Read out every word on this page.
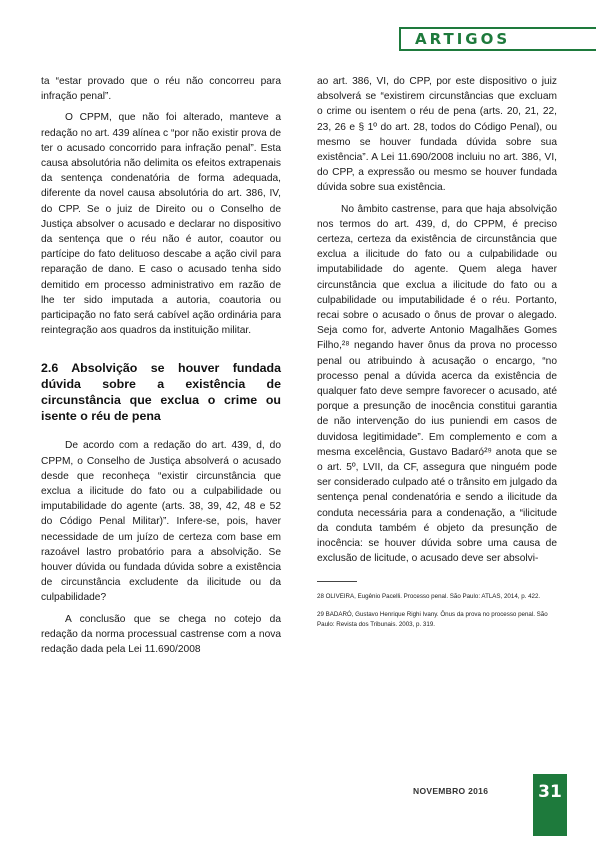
ARTIGOS

ta “estar provado que o réu não concorreu para infração penal”.

O CPPM, que não foi alterado, manteve a redação no art. 439 alínea c “por não existir prova de ter o acusado concorrido para infração penal”. Esta causa absolutória não delimita os efeitos extrapenais da sentença condenatória de forma adequada, diferente da novel causa absolutória do art. 386, IV, do CPP. Se o juiz de Direito ou o Conselho de Justiça absolver o acusado e declarar no dispositivo da sentença que o réu não é autor, coautor ou partícipe do fato delituoso descabe a ação civil para reparação de dano. E caso o acusado tenha sido demitido em processo administrativo em razão de lhe ter sido imputada a autoria, coautoria ou participação no fato será cabível ação ordinária para reintegração aos quadros da instituição militar.

2.6 Absolvição se houver fundada dúvida sobre a existência de circunstância que exclua o crime ou isente o réu de pena

De acordo com a redação do art. 439, d, do CPPM, o Conselho de Justiça absolverá o acusado desde que reconheça “existir circunstância que exclua a ilicitude do fato ou a culpabilidade ou imputabilidade do agente (arts. 38, 39, 42, 48 e 52 do Código Penal Militar)”. Infere-se, pois, haver necessidade de um juízo de certeza com base em razoável lastro probatório para a absolvição. Se houver dúvida ou fundada dúvida sobre a existência de circunstância excludente da ilicitude ou da culpabilidade?

A conclusão que se chega no cotejo da redação da norma processual castrense com a nova redação dada pela Lei 11.690/2008

ao art. 386, VI, do CPP, por este dispositivo o juiz absolverá se “existirem circunstâncias que excluam o crime ou isentem o réu de pena (arts. 20, 21, 22, 23, 26 e § 1º do art. 28, todos do Código Penal), ou mesmo se houver fundada dúvida sobre sua existência”. A Lei 11.690/2008 incluiu no art. 386, VI, do CPP, a expressão ou mesmo se houver fundada dúvida sobre sua existência.

No âmbito castrense, para que haja absolvição nos termos do art. 439, d, do CPPM, é preciso certeza, certeza da existência de circunstância que exclua a ilicitude do fato ou a culpabilidade ou imputabilidade do agente. Quem alega haver circunstância que exclua a ilicitude do fato ou a culpabilidade ou imputabilidade é o réu. Portanto, recai sobre o acusado o ônus de provar o alegado. Seja como for, adverte Antonio Magalhães Gomes Filho,²⁸ negando haver ônus da prova no processo penal ou atribuindo à acusação o encargo, “no processo penal a dúvida acerca da existência de qualquer fato deve sempre favorecer o acusado, até porque a presunção de inocência constitui garantia de não intervenção do ius puniendi em casos de duvidosa legitimidade”. Em complemento e com a mesma excelência, Gustavo Badaró²⁹ anota que se o art. 5º, LVII, da CF, assegura que ninguém pode ser considerado culpado até o trânsito em julgado da sentença penal condenatória e sendo a ilicitude da conduta necessária para a condenação, a “ilicitude da conduta também é objeto da presunção de inocência: se houver dúvida sobre uma causa de exclusão de licitude, o acusado deve ser absolvi-

28 OLIVEIRA, Eugênio Pacelli. Processo penal. São Paulo: ATLAS, 2014, p. 422.

29 BADARÓ, Gustavo Henrique Righi Ivany. Ônus da prova no processo penal. São Paulo: Revista dos Tribunais. 2003, p. 319.

NOVEMBRO 2016	31
